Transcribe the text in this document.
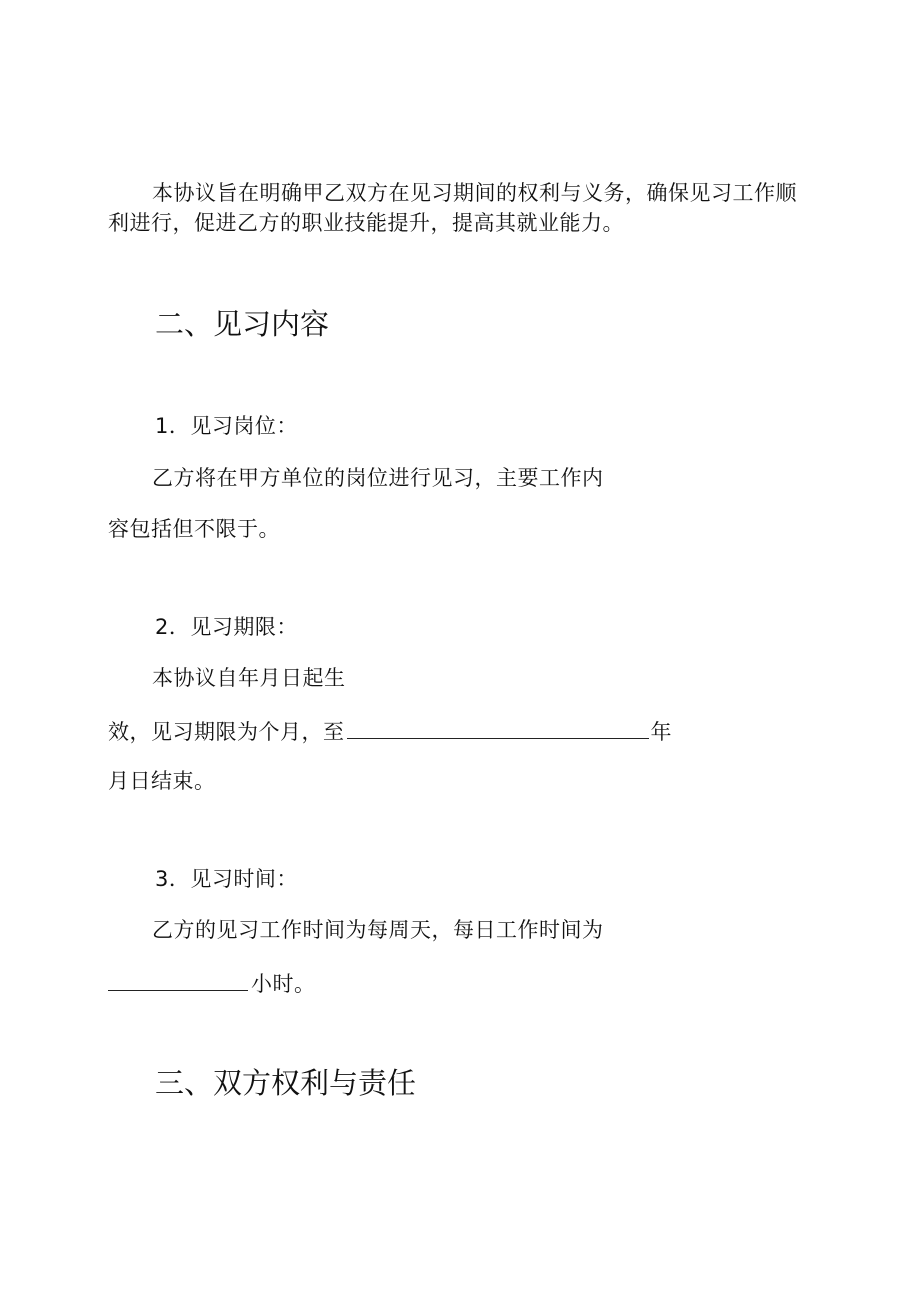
本协议旨在明确甲乙双方在见习期间的权利与义务，确保见习工作顺
利进行，促进乙方的职业技能提升，提高其就业能力。
二、见习内容
1．见习岗位：
乙方将在甲方单位的岗位进行见习，主要工作内
容包括但不限于。
2．见习期限：
本协议自年月日起生
效，见习期限为个月，至	年
月日结束。
3．见习时间：
乙方的见习工作时间为每周天，每日工作时间为
小时。
三、双方权利与责任
